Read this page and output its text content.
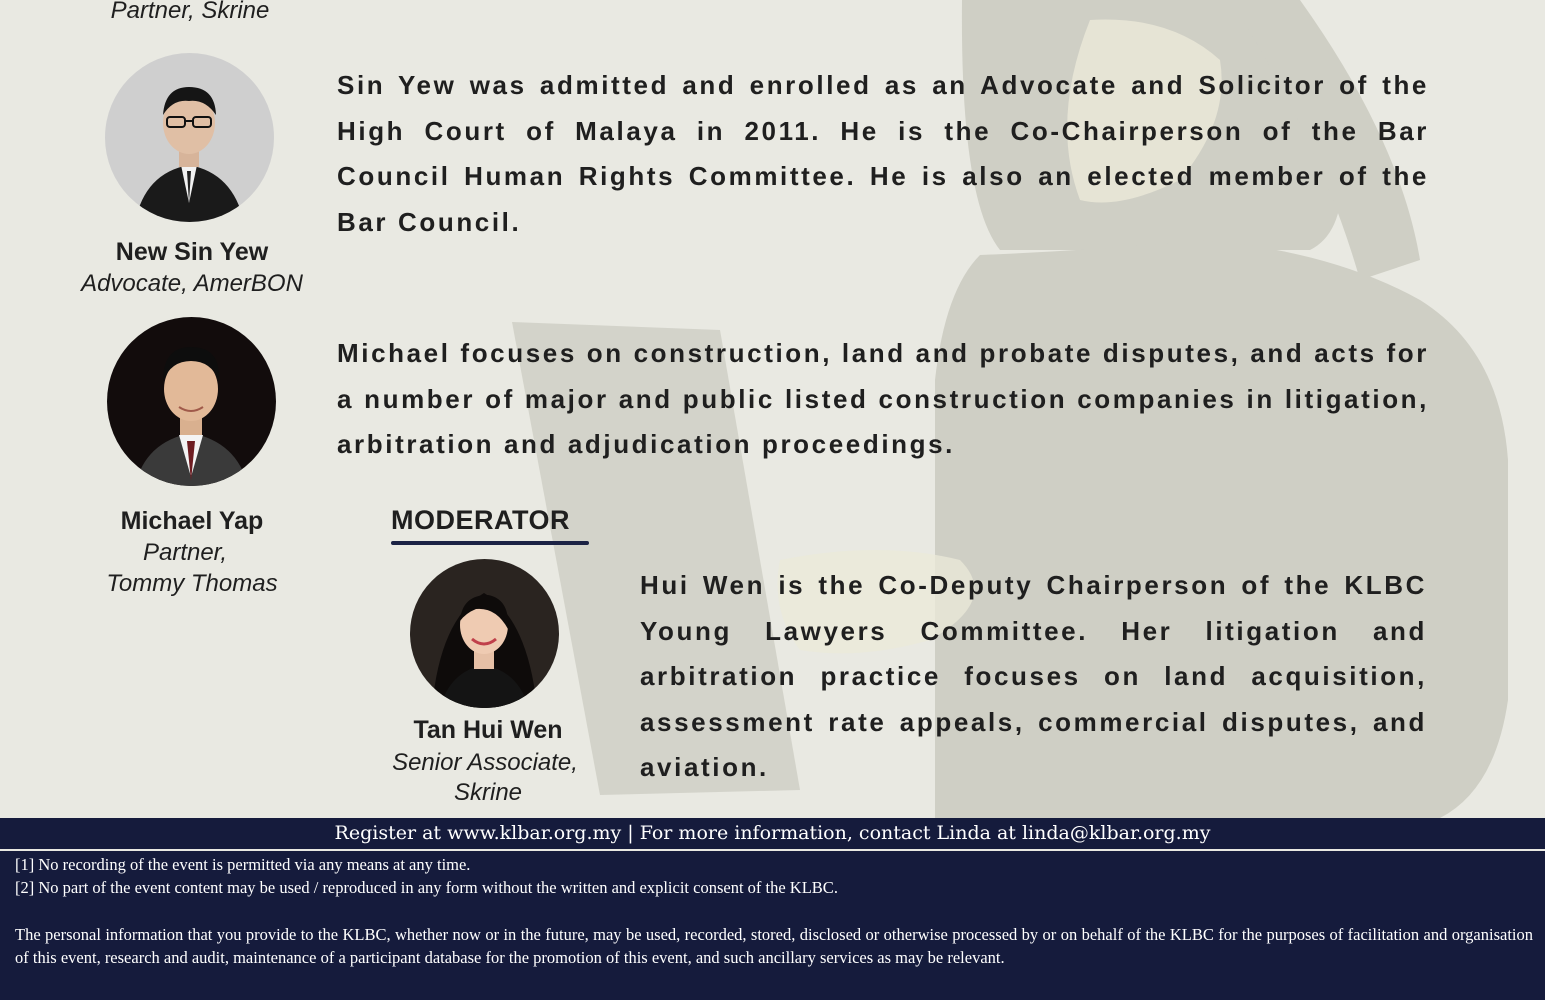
Partner, Skrine
New Sin Yew
Advocate, AmerBON
Sin Yew was admitted and enrolled as an Advocate and Solicitor of the High Court of Malaya in 2011. He is the Co-Chairperson of the Bar Council Human Rights Committee. He is also an elected member of the Bar Council.
Michael Yap
Partner,
Tommy Thomas
Michael focuses on construction, land and probate disputes, and acts for a number of major and public listed construction companies in litigation, arbitration and adjudication proceedings.
MODERATOR
Tan Hui Wen
Senior Associate,
Skrine
Hui Wen is the Co-Deputy Chairperson of the KLBC Young Lawyers Committee. Her litigation and arbitration practice focuses on land acquisition, assessment rate appeals, commercial disputes, and aviation.
Register at www.klbar.org.my | For more information, contact Linda at linda@klbar.org.my
[1] No recording of the event is permitted via any means at any time.
[2] No part of the event content may be used / reproduced in any form without the written and explicit consent of the KLBC.
The personal information that you provide to the KLBC, whether now or in the future, may be used, recorded, stored, disclosed or otherwise processed by or on behalf of the KLBC for the purposes of facilitation and organisation of this event, research and audit, maintenance of a participant database for the promotion of this event, and such ancillary services as may be relevant.
